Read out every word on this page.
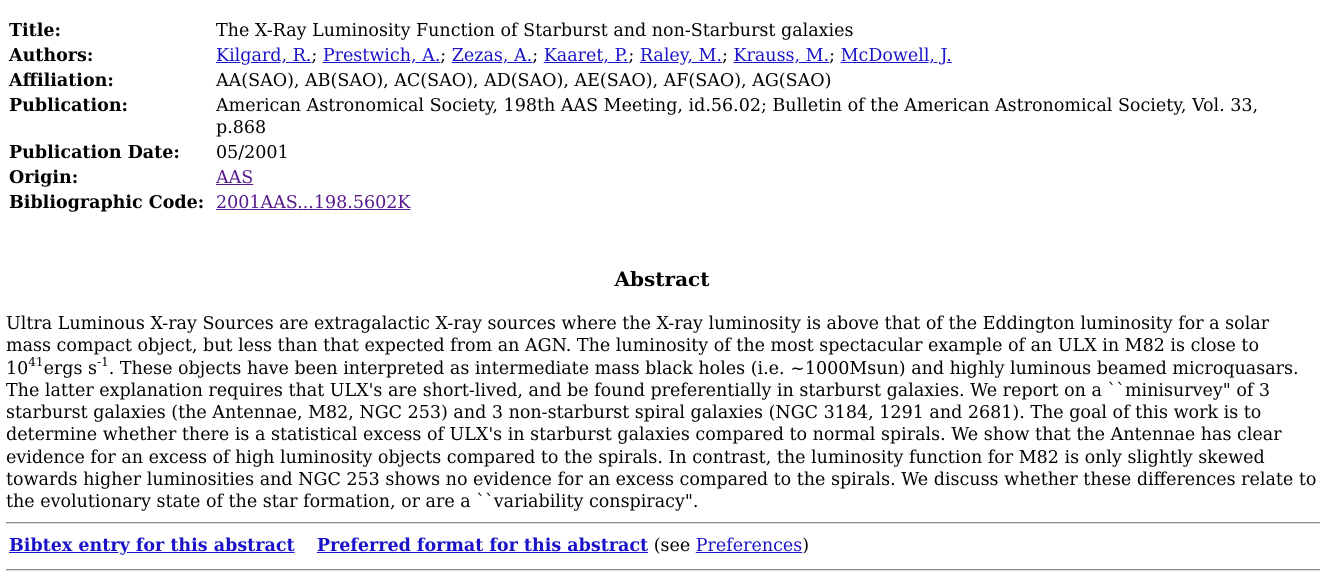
Title:	The X-Ray Luminosity Function of Starburst and non-Starburst galaxies
Authors:	Kilgard, R.; Prestwich, A.; Zezas, A.; Kaaret, P.; Raley, M.; Krauss, M.; McDowell, J.
Affiliation:	AA(SAO), AB(SAO), AC(SAO), AD(SAO), AE(SAO), AF(SAO), AG(SAO)
Publication:	American Astronomical Society, 198th AAS Meeting, id.56.02; Bulletin of the American Astronomical Society, Vol. 33, p.868
Publication Date:	05/2001
Origin:	AAS
Bibliographic Code:	2001AAS...198.5602K
Abstract
Ultra Luminous X-ray Sources are extragalactic X-ray sources where the X-ray luminosity is above that of the Eddington luminosity for a solar mass compact object, but less than that expected from an AGN. The luminosity of the most spectacular example of an ULX in M82 is close to $10^{41}ergs$ $s^{-1}$. These objects have been interpreted as intermediate mass black holes (i.e. ~1000Msun) and highly luminous beamed microquasars. The latter explanation requires that ULX's are short-lived, and be found preferentially in starburst galaxies. We report on a ``minisurvey" of 3 starburst galaxies (the Antennae, M82, NGC 253) and 3 non-starburst spiral galaxies (NGC 3184, 1291 and 2681). The goal of this work is to determine whether there is a statistical excess of ULX's in starburst galaxies compared to normal spirals. We show that the Antennae has clear evidence for an excess of high luminosity objects compared to the spirals. In contrast, the luminosity function for M82 is only slightly skewed towards higher luminosities and NGC 253 shows no evidence for an excess compared to the spirals. We discuss whether these differences relate to the evolutionary state of the star formation, or are a ``variability conspiracy".
Bibtex entry for this abstract Preferred format for this abstract (see Preferences)
